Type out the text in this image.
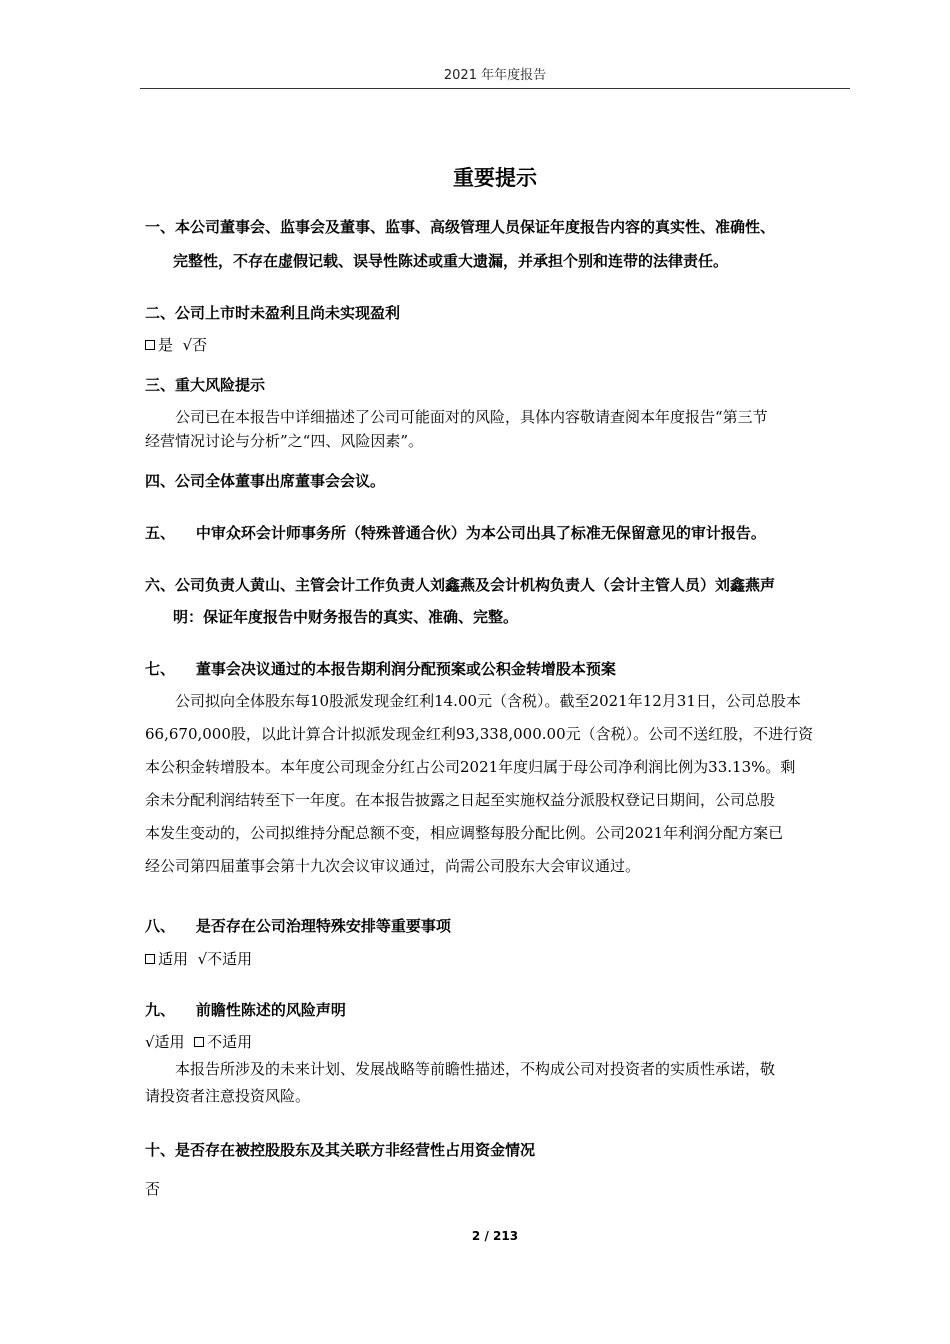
2021 年年度报告
重要提示
一、本公司董事会、监事会及董事、监事、高级管理人员保证年度报告内容的真实性、准确性、
完整性，不存在虚假记载、误导性陈述或重大遗漏，并承担个别和连带的法律责任。
二、公司上市时未盈利且尚未实现盈利
是 √否
三、重大风险提示
公司已在本报告中详细描述了公司可能面对的风险，具体内容敬请查阅本年度报告“第三节
经营情况讨论与分析”之“四、风险因素”。
四、公司全体董事出席董事会会议。
五、 中审众环会计师事务所（特殊普通合伙）为本公司出具了标准无保留意见的审计报告。
六、公司负责人黄山、主管会计工作负责人刘鑫燕及会计机构负责人（会计主管人员）刘鑫燕声
明：保证年度报告中财务报告的真实、准确、完整。
七、 董事会决议通过的本报告期利润分配预案或公积金转增股本预案
公司拟向全体股东每10股派发现金红利14.00元（含税）。截至2021年12月31日，公司总股本
66,670,000股，以此计算合计拟派发现金红利93,338,000.00元（含税）。公司不送红股，不进行资
本公积金转增股本。本年度公司现金分红占公司2021年度归属于母公司净利润比例为33.13%。剩
余未分配利润结转至下一年度。在本报告披露之日起至实施权益分派股权登记日期间，公司总股
本发生变动的，公司拟维持分配总额不变，相应调整每股分配比例。公司2021年利润分配方案已
经公司第四届董事会第十九次会议审议通过，尚需公司股东大会审议通过。
八、 是否存在公司治理特殊安排等重要事项
适用 √不适用
九、 前瞻性陈述的风险声明
√适用 不适用
本报告所涉及的未来计划、发展战略等前瞻性描述，不构成公司对投资者的实质性承诺，敬
请投资者注意投资风险。
十、是否存在被控股股东及其关联方非经营性占用资金情况
否
2 / 213
